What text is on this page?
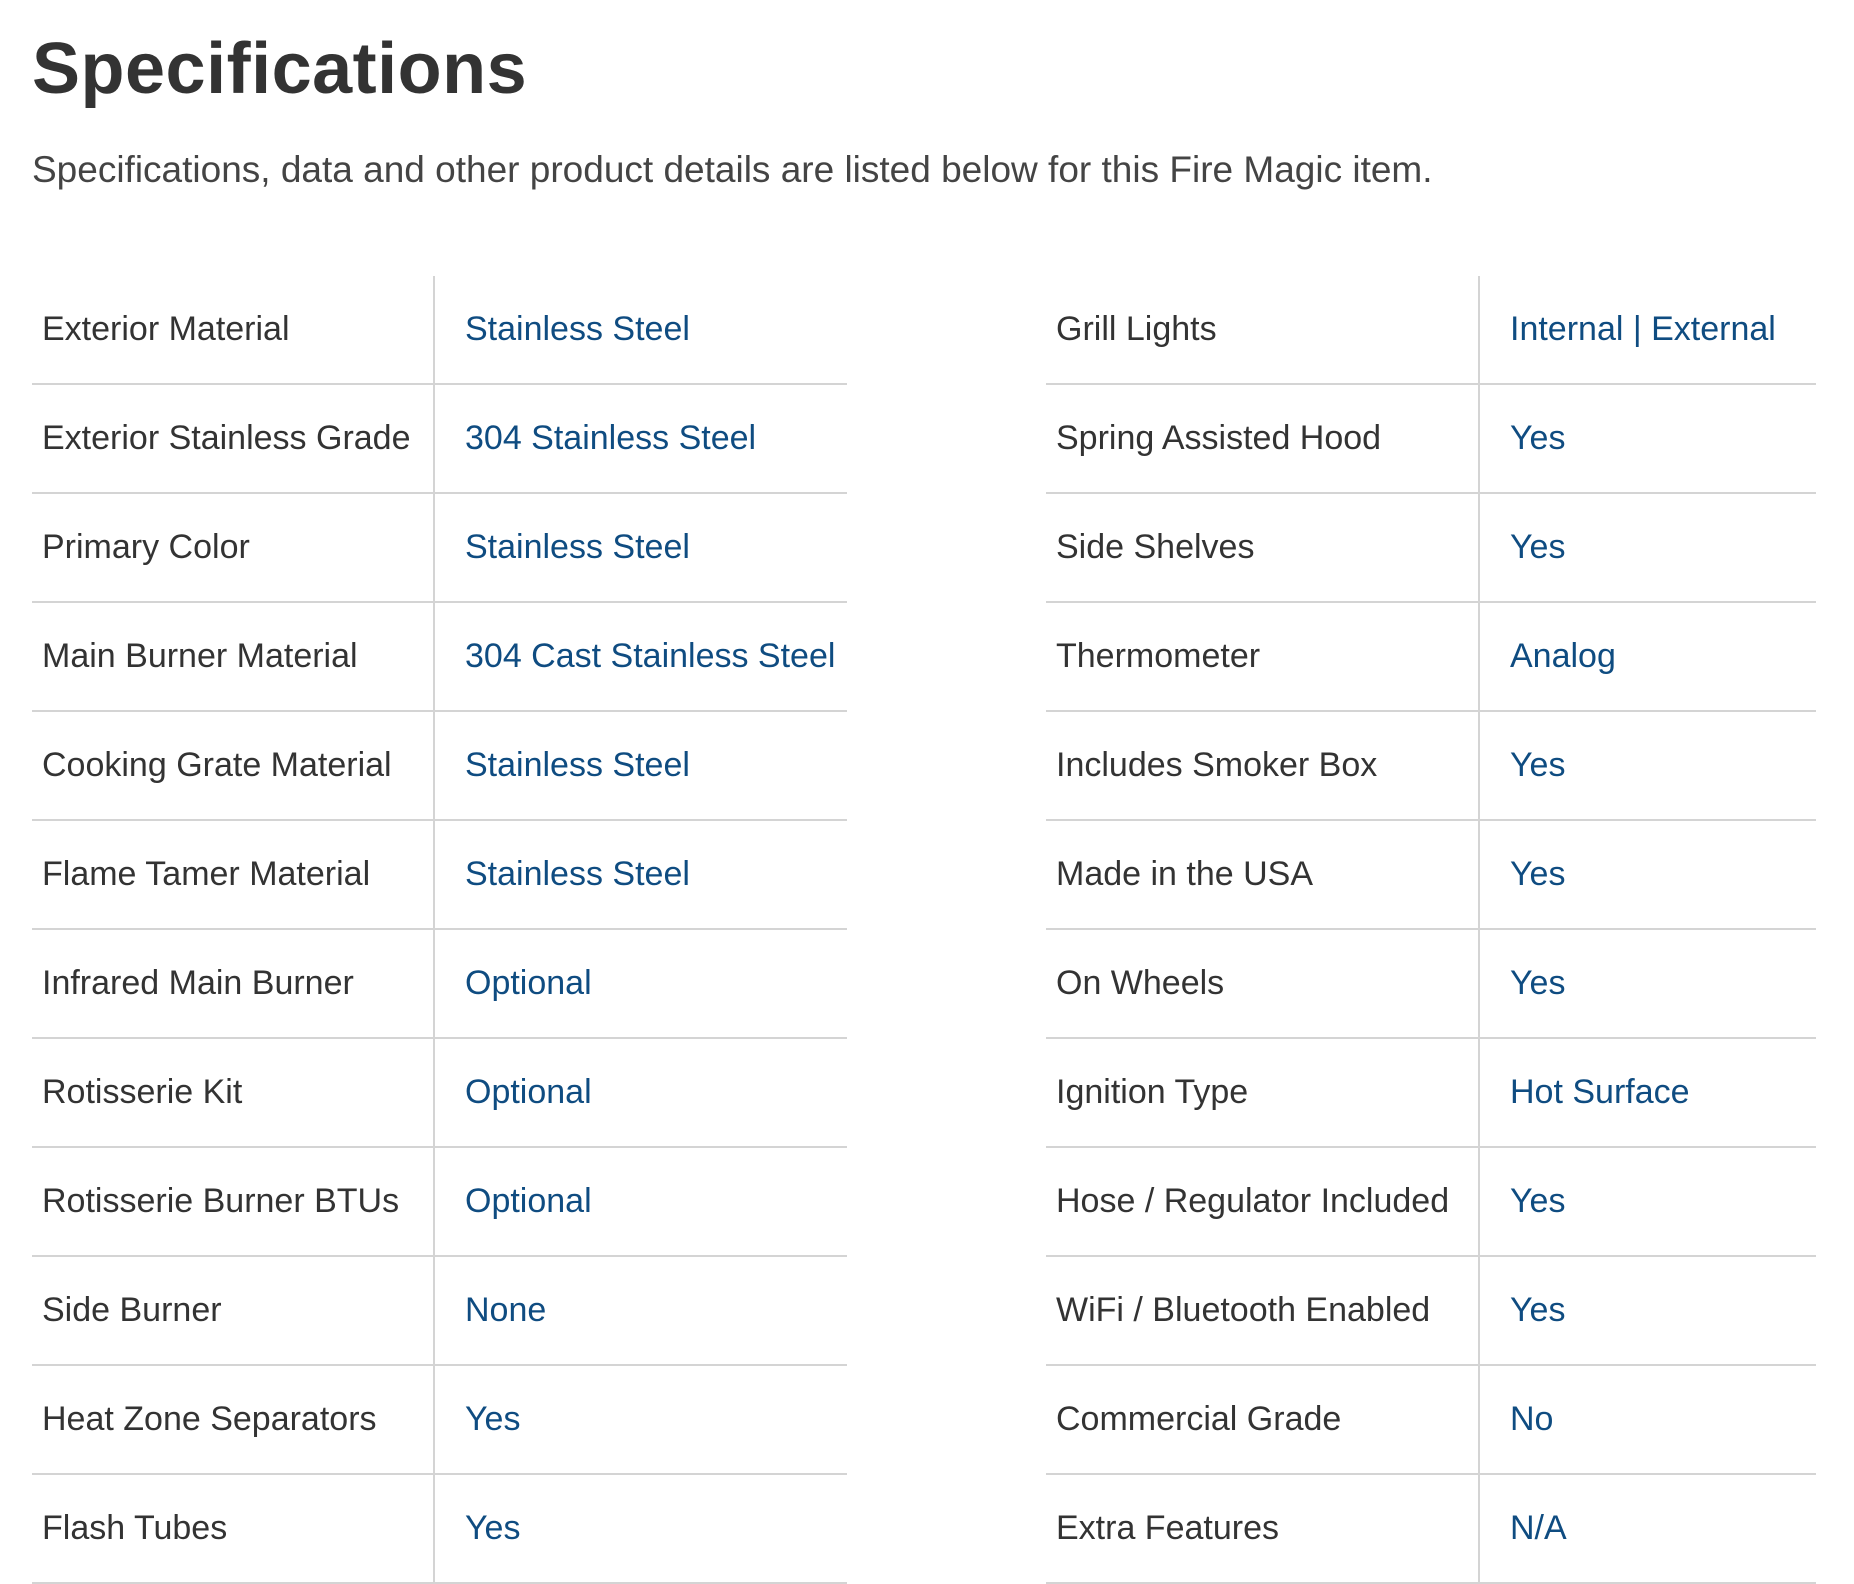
Specifications

Specifications, data and other product details are listed below for this Fire Magic item.

Exterior Material	Stainless Steel
Exterior Stainless Grade	304 Stainless Steel
Primary Color	Stainless Steel
Main Burner Material	304 Cast Stainless Steel
Cooking Grate Material	Stainless Steel
Flame Tamer Material	Stainless Steel
Infrared Main Burner	Optional
Rotisserie Kit	Optional
Rotisserie Burner BTUs	Optional
Side Burner	None
Heat Zone Separators	Yes
Flash Tubes	Yes
Grill Lights	Internal | External
Spring Assisted Hood	Yes
Side Shelves	Yes
Thermometer	Analog
Includes Smoker Box	Yes
Made in the USA	Yes
On Wheels	Yes
Ignition Type	Hot Surface
Hose / Regulator Included	Yes
WiFi / Bluetooth Enabled	Yes
Commercial Grade	No
Extra Features	N/A
